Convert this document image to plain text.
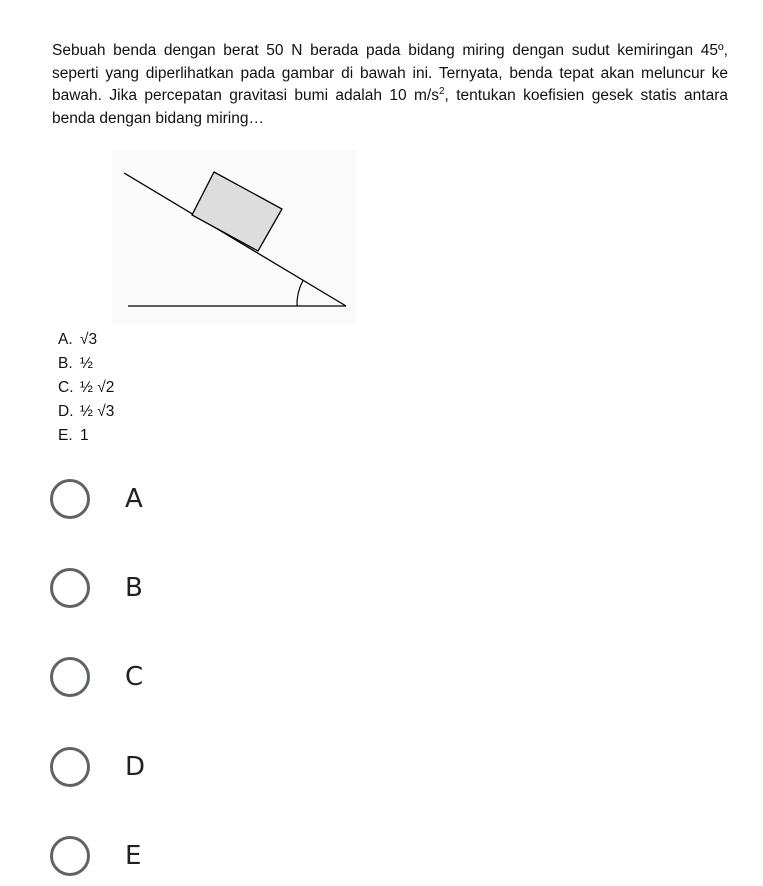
Sebuah benda dengan berat 50 N berada pada bidang miring dengan sudut kemiringan 45º, seperti yang diperlihatkan pada gambar di bawah ini. Ternyata, benda tepat akan meluncur ke bawah. Jika percepatan gravitasi bumi adalah 10 $m/s^2$, tentukan koefisien gesek statis antara benda dengan bidang miring…
A. √3
B. ½
C. ½ √2
D. ½ √3
E. 1
A
B
C
D
E
